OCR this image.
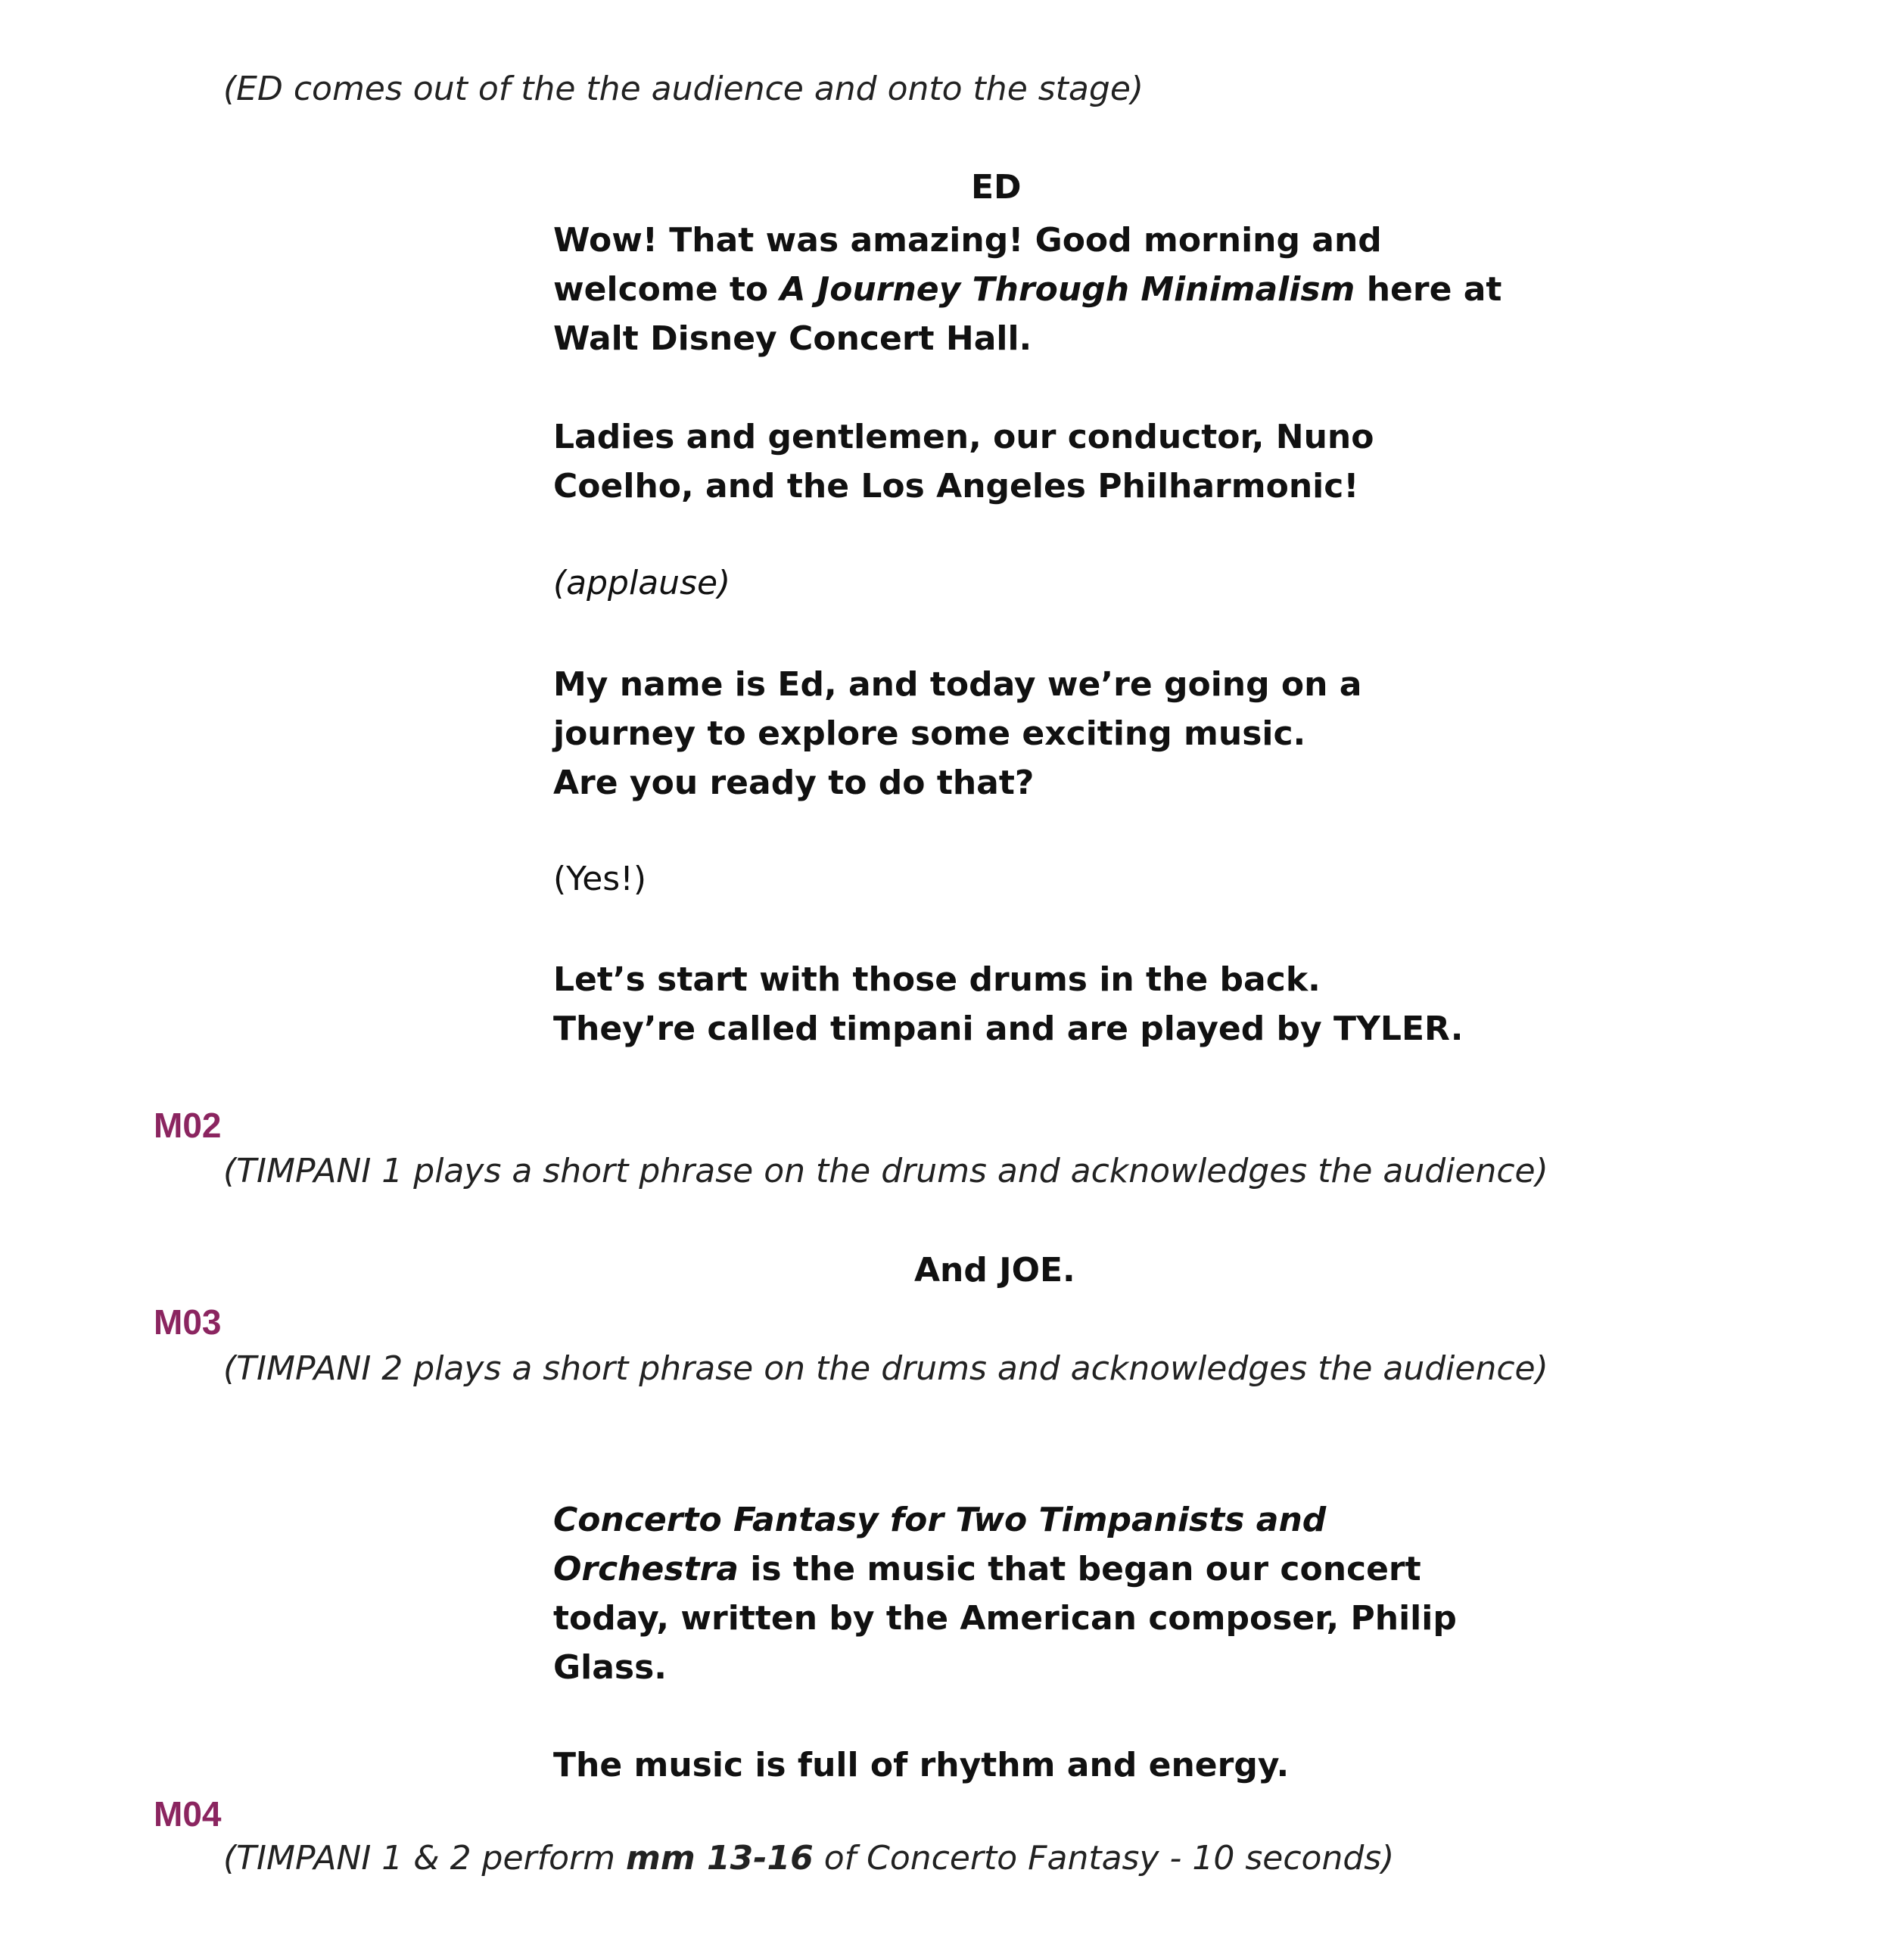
(ED comes out of the the audience and onto the stage)
ED
Wow! That was amazing! Good morning and
welcome to A Journey Through Minimalism here at
Walt Disney Concert Hall.
Ladies and gentlemen, our conductor, Nuno
Coelho, and the Los Angeles Philharmonic!
(applause)
My name is Ed, and today we’re going on a
journey to explore some exciting music.
Are you ready to do that?
(Yes!)
Let’s start with those drums in the back.
They’re called timpani and are played by TYLER.
M02
(TIMPANI 1 plays a short phrase on the drums and acknowledges the audience)
And JOE.
M03
(TIMPANI 2 plays a short phrase on the drums and acknowledges the audience)
Concerto Fantasy for Two Timpanists and
Orchestra is the music that began our concert
today, written by the American composer, Philip
Glass.
The music is full of rhythm and energy.
M04
(TIMPANI 1 & 2 perform mm 13-16 of Concerto Fantasy - 10 seconds)
